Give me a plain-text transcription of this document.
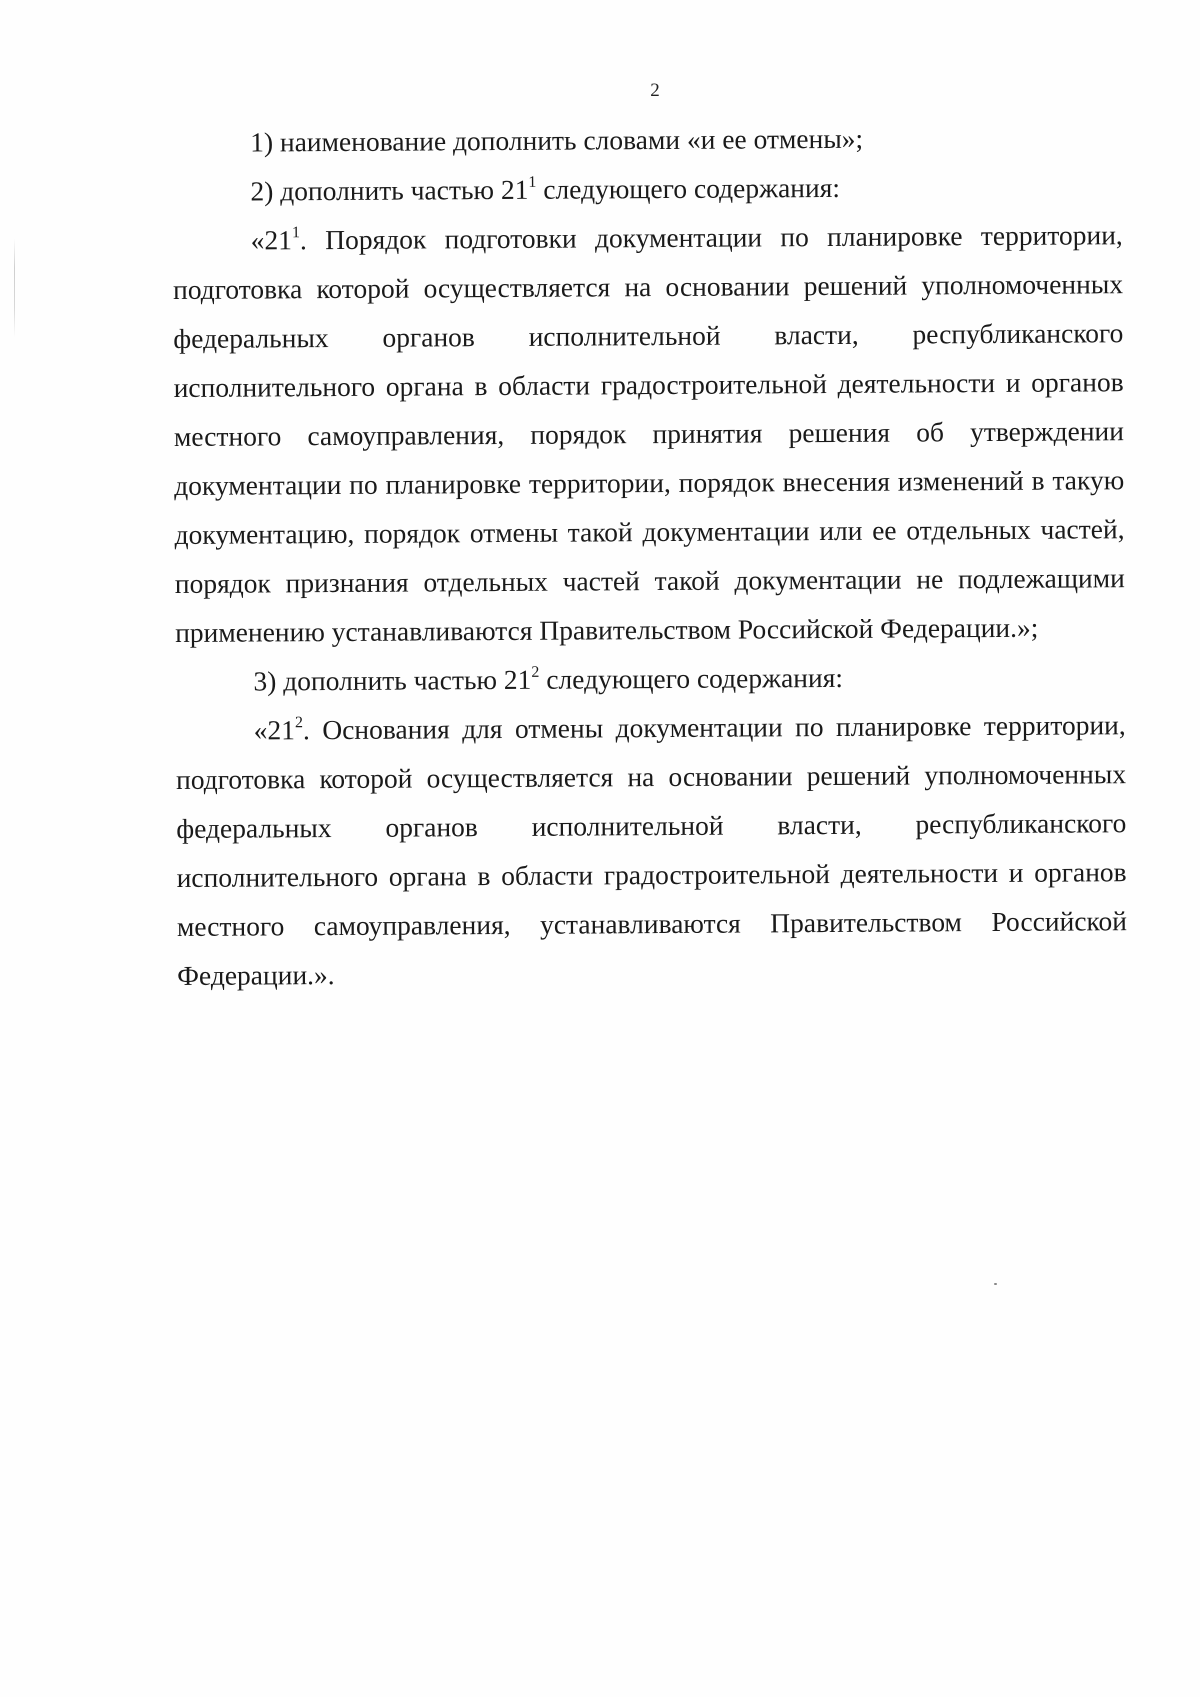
2

1) наименование дополнить словами «и ее отмены»;

2) дополнить частью $21^1$ следующего содержания:

«$21^1$. Порядок подготовки документации по планировке территории, подготовка которой осуществляется на основании решений уполномоченных федеральных органов исполнительной власти, республиканского исполнительного органа в области градостроительной деятельности и органов местного самоуправления, порядок принятия решения об утверждении документации по планировке территории, порядок внесения изменений в такую документацию, порядок отмены такой документации или ее отдельных частей, порядок признания отдельных частей такой документации не подлежащими применению устанавливаются Правительством Российской Федерации.»;

3) дополнить частью $21^2$ следующего содержания:

«$21^2$. Основания для отмены документации по планировке территории, подготовка которой осуществляется на основании решений уполномоченных федеральных органов исполнительной власти, республиканского исполнительного органа в области градостроительной деятельности и органов местного самоуправления, устанавливаются Правительством Российской Федерации.».
